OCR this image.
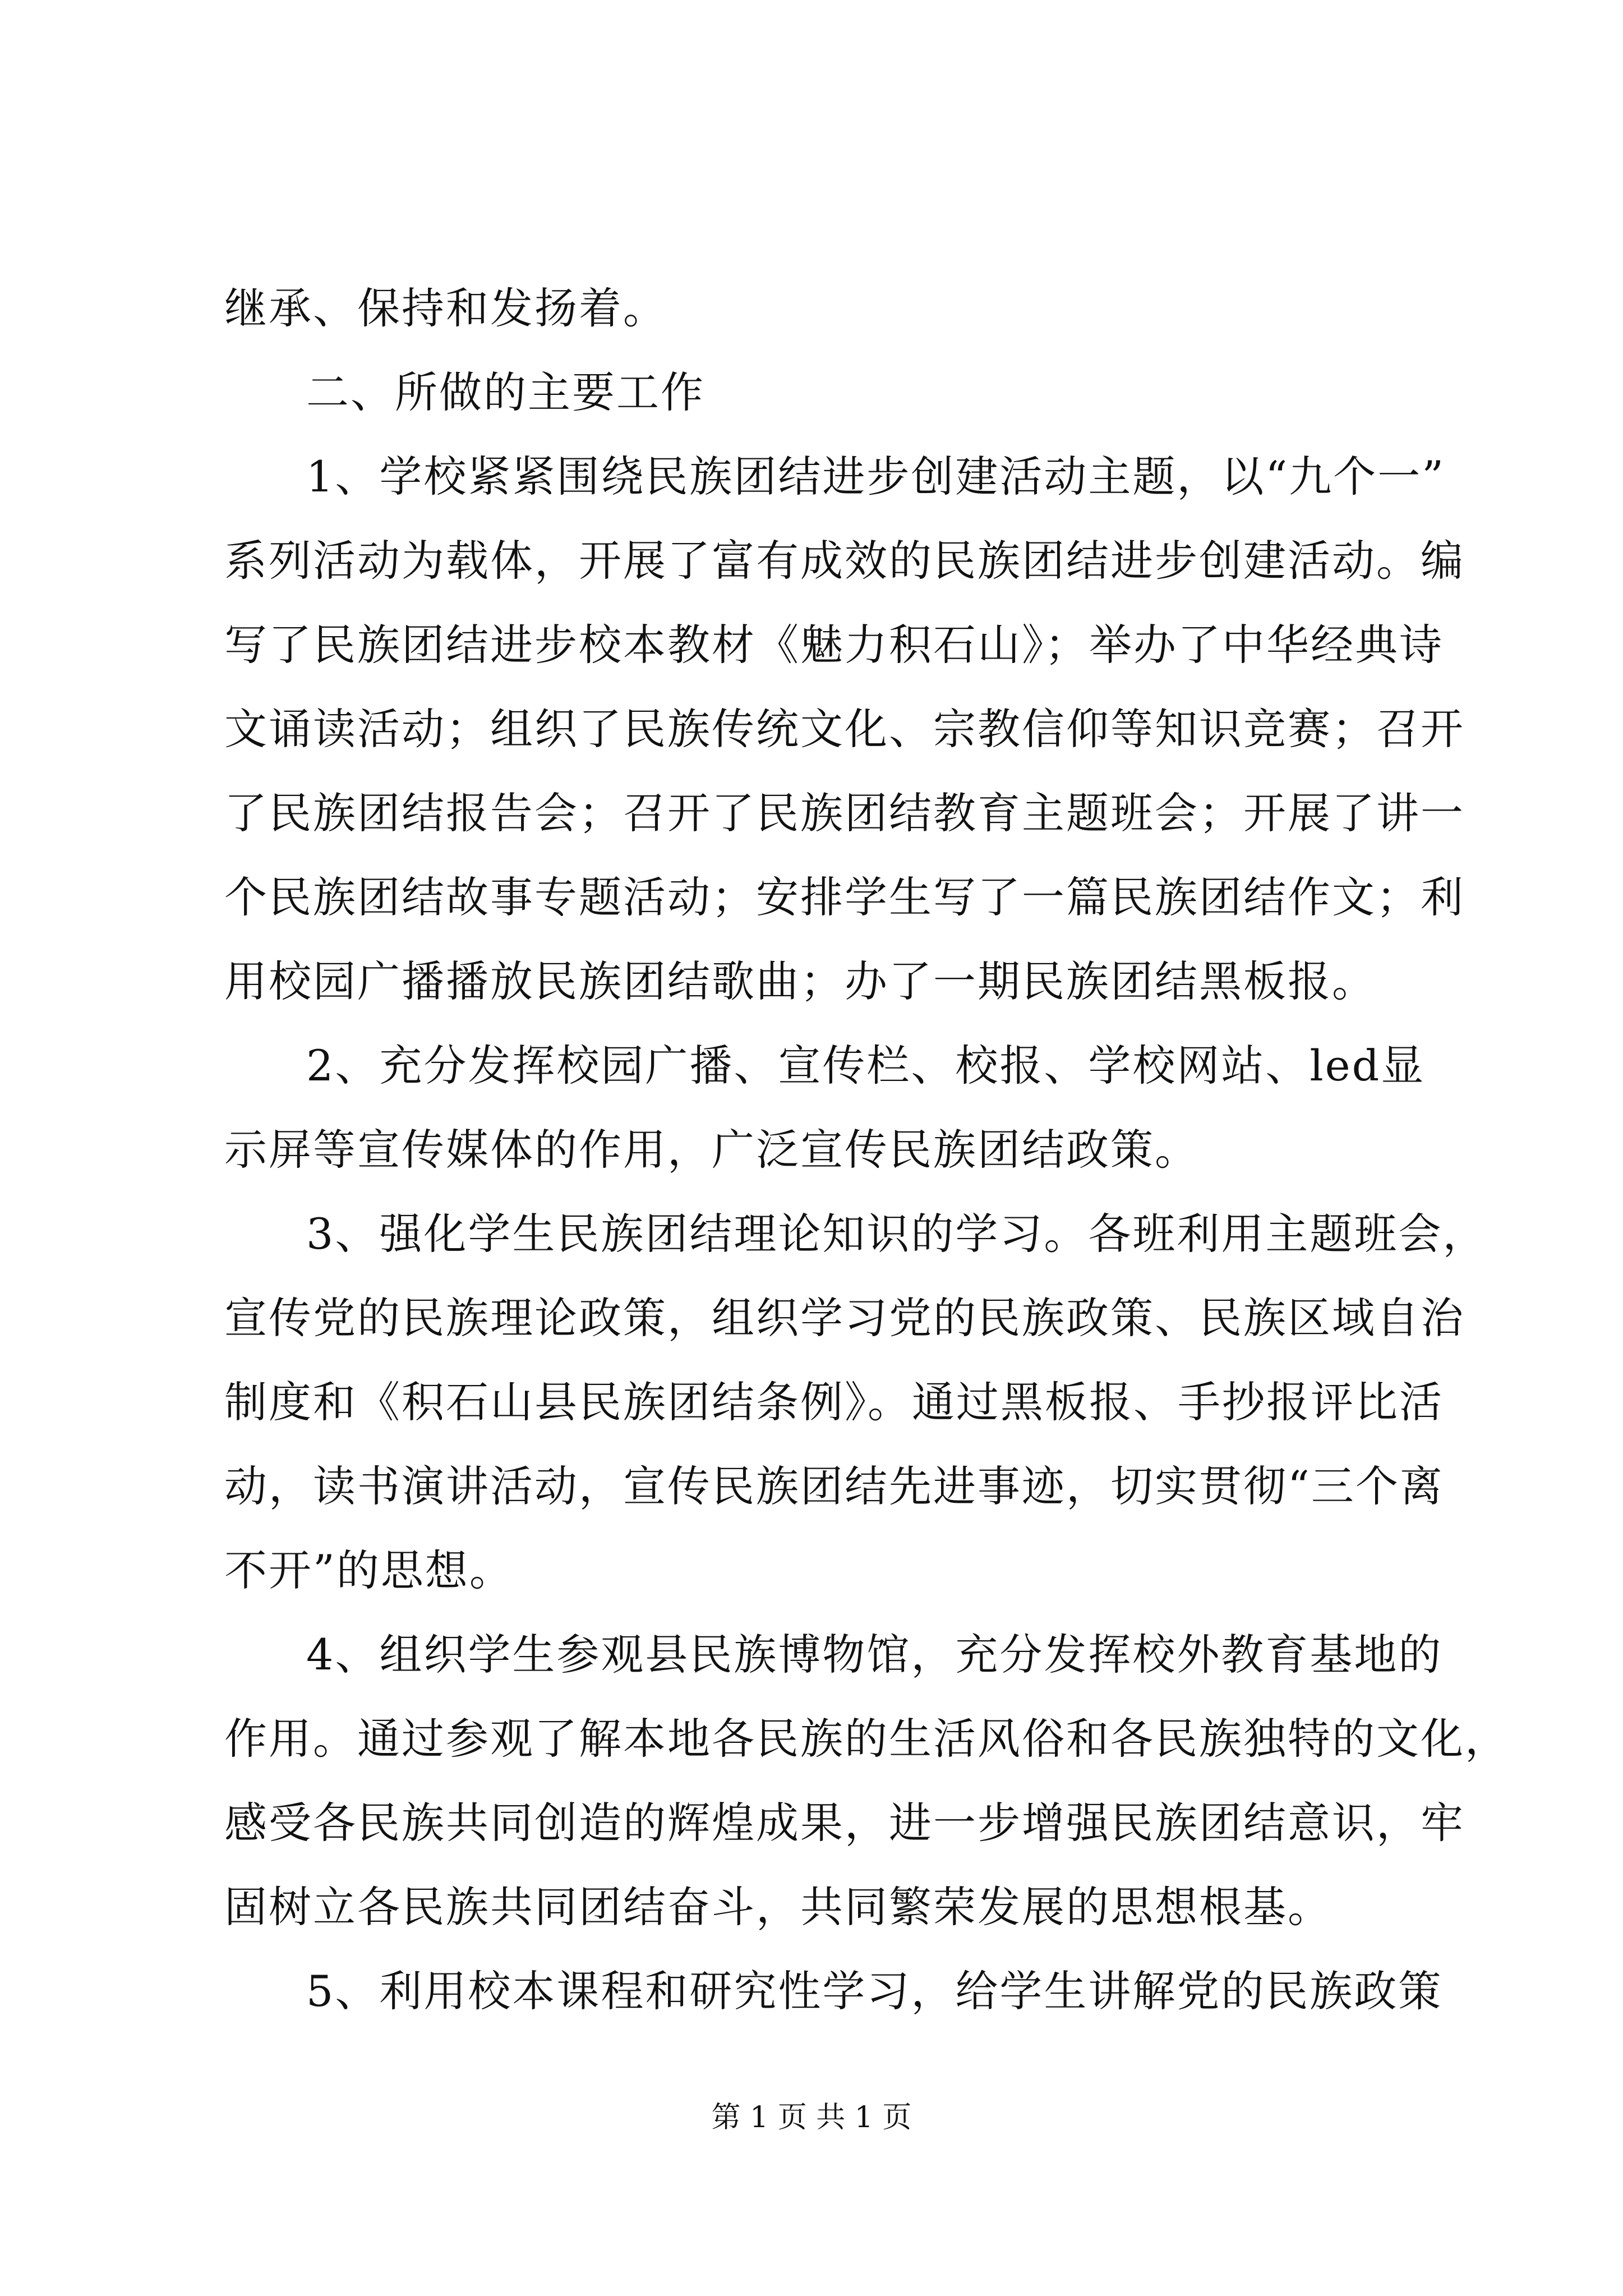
继承、保持和发扬着。
二、所做的主要工作
1、学校紧紧围绕民族团结进步创建活动主题，以“九个一”
系列活动为载体，开展了富有成效的民族团结进步创建活动。编
写了民族团结进步校本教材《魅力积石山》；举办了中华经典诗
文诵读活动；组织了民族传统文化、宗教信仰等知识竞赛；召开
了民族团结报告会；召开了民族团结教育主题班会；开展了讲一
个民族团结故事专题活动；安排学生写了一篇民族团结作文；利
用校园广播播放民族团结歌曲；办了一期民族团结黑板报。
2、充分发挥校园广播、宣传栏、校报、学校网站、led显
示屏等宣传媒体的作用，广泛宣传民族团结政策。
3、强化学生民族团结理论知识的学习。各班利用主题班会，
宣传党的民族理论政策，组织学习党的民族政策、民族区域自治
制度和《积石山县民族团结条例》。通过黑板报、手抄报评比活
动，读书演讲活动，宣传民族团结先进事迹，切实贯彻“三个离
不开”的思想。
4、组织学生参观县民族博物馆，充分发挥校外教育基地的
作用。通过参观了解本地各民族的生活风俗和各民族独特的文化，
感受各民族共同创造的辉煌成果，进一步增强民族团结意识，牢
固树立各民族共同团结奋斗，共同繁荣发展的思想根基。
5、利用校本课程和研究性学习，给学生讲解党的民族政策
第 1 页 共 1 页
